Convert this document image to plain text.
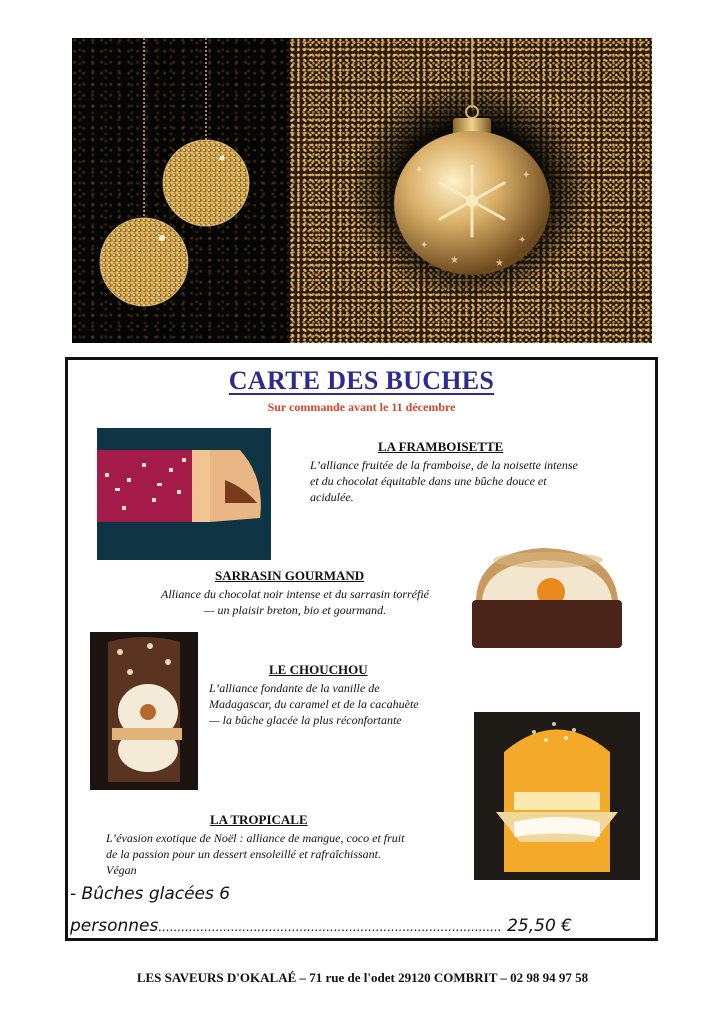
✦	✦
✦	✦
★	★
CARTE DES BUCHES
Sur commande avant le 11 décembre
LA FRAMBOISETTE

L’alliance fruitée de la framboise, de la noisette intense et du chocolat équitable dans une bûche douce et acidulée.

SARRASIN GOURMAND

Alliance du chocolat noir intense et du sarrasin torréfié — un plaisir breton, bio et gourmand.

LE CHOUCHOU

L’alliance fondante de la vanille de Madagascar, du caramel et de la cacahuète — la bûche glacée la plus réconfortante

LA TROPICALE

L’évasion exotique de Noël : alliance de mangue, coco et fruit de la passion pour un dessert ensoleillé et rafraîchissant. Végan

- Bûches glacées 6
personnes.......................................................................................... 25,50 €
LES SAVEURS D'OKALAÉ – 71 rue de l'odet 29120 COMBRIT – 02 98 94 97 58
